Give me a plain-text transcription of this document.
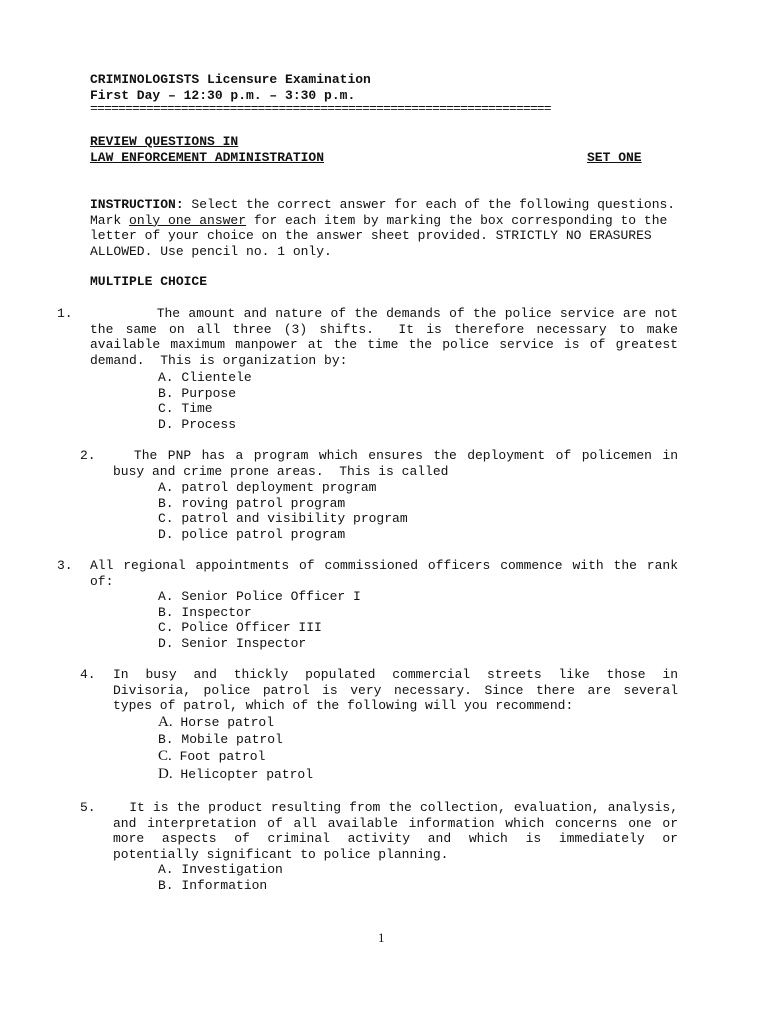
CRIMINOLOGISTS Licensure Examination
First Day – 12:30 p.m. – 3:30 p.m.
==================================================================
REVIEW QUESTIONS IN
LAW ENFORCEMENT ADMINISTRATION	SET ONE
INSTRUCTION: Select the correct answer for each of the following questions. Mark only one answer for each item by marking the box corresponding to the letter of your choice on the answer sheet provided. STRICTLY NO ERASURES ALLOWED. Use pencil no. 1 only.
MULTIPLE CHOICE
1. The amount and nature of the demands of the police service are not the same on all three (3) shifts.  It is therefore necessary to make available maximum manpower at the time the police service is of greatest demand.  This is organization by:
A. Clientele
B. Purpose
C. Time
D. Process
2. The PNP has a program which ensures the deployment of policemen in busy and crime prone areas.  This is called
A. patrol deployment program
B. roving patrol program
C. patrol and visibility program
D. police patrol program
3. All regional appointments of commissioned officers commence with the rank of:
A. Senior Police Officer I
B. Inspector
C. Police Officer III
D. Senior Inspector
4. In busy and thickly populated commercial streets like those in Divisoria, police patrol is very necessary. Since there are several types of patrol, which of the following will you recommend:
A. Horse patrol
B. Mobile patrol
C. Foot patrol
D. Helicopter patrol
5. It is the product resulting from the collection, evaluation, analysis, and interpretation of all available information which concerns one or more aspects of criminal activity and which is immediately or potentially significant to police planning.
A. Investigation
B. Information
1
